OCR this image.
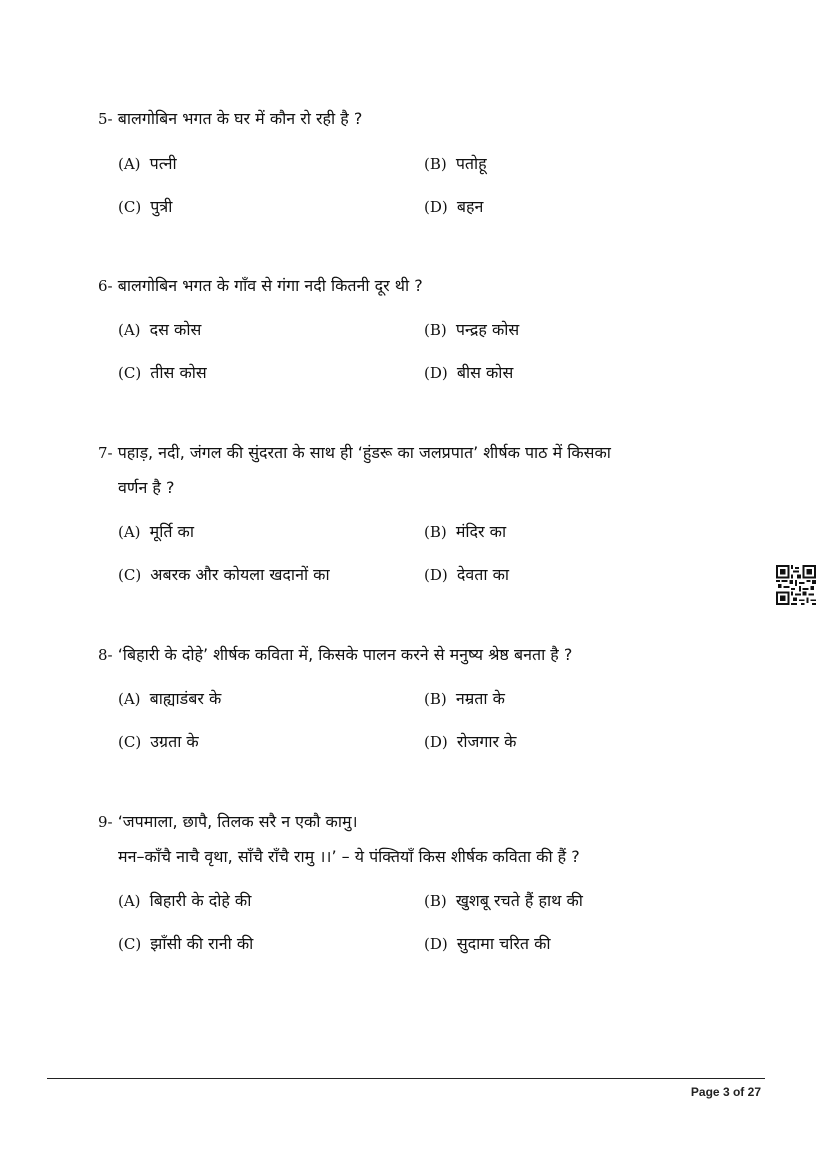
5- बालगोबिन भगत के घर में कौन रो रही है ?
(A) पत्नी	(B) पतोहू
(C) पुत्री	(D) बहन
6- बालगोबिन भगत के गाँव से गंगा नदी कितनी दूर थी ?
(A) दस कोस	(B) पन्द्रह कोस
(C) तीस कोस	(D) बीस कोस
7- पहाड़, नदी, जंगल की सुंदरता के साथ ही ‘हुंडरू का जलप्रपात’ शीर्षक पाठ में किसका
वर्णन है ?
(A) मूर्ति का	(B) मंदिर का
(C) अबरक और कोयला खदानों का	(D) देवता का
8- ‘बिहारी के दोहे’ शीर्षक कविता में, किसके पालन करने से मनुष्य श्रेष्ठ बनता है ?
(A) बाह्याडंबर के	(B) नम्रता के
(C) उग्रता के	(D) रोजगार के
9- ‘जपमाला, छापै, तिलक सरै न एकौ कामु।
मन–काँचै नाचै वृथा, साँचै राँचै रामु ।।’ – ये पंक्तियाँ किस शीर्षक कविता की हैं ?
(A) बिहारी के दोहे की	(B) खुशबू रचते हैं हाथ की
(C) झाँसी की रानी की	(D) सुदामा चरित की
Page 3 of 27
